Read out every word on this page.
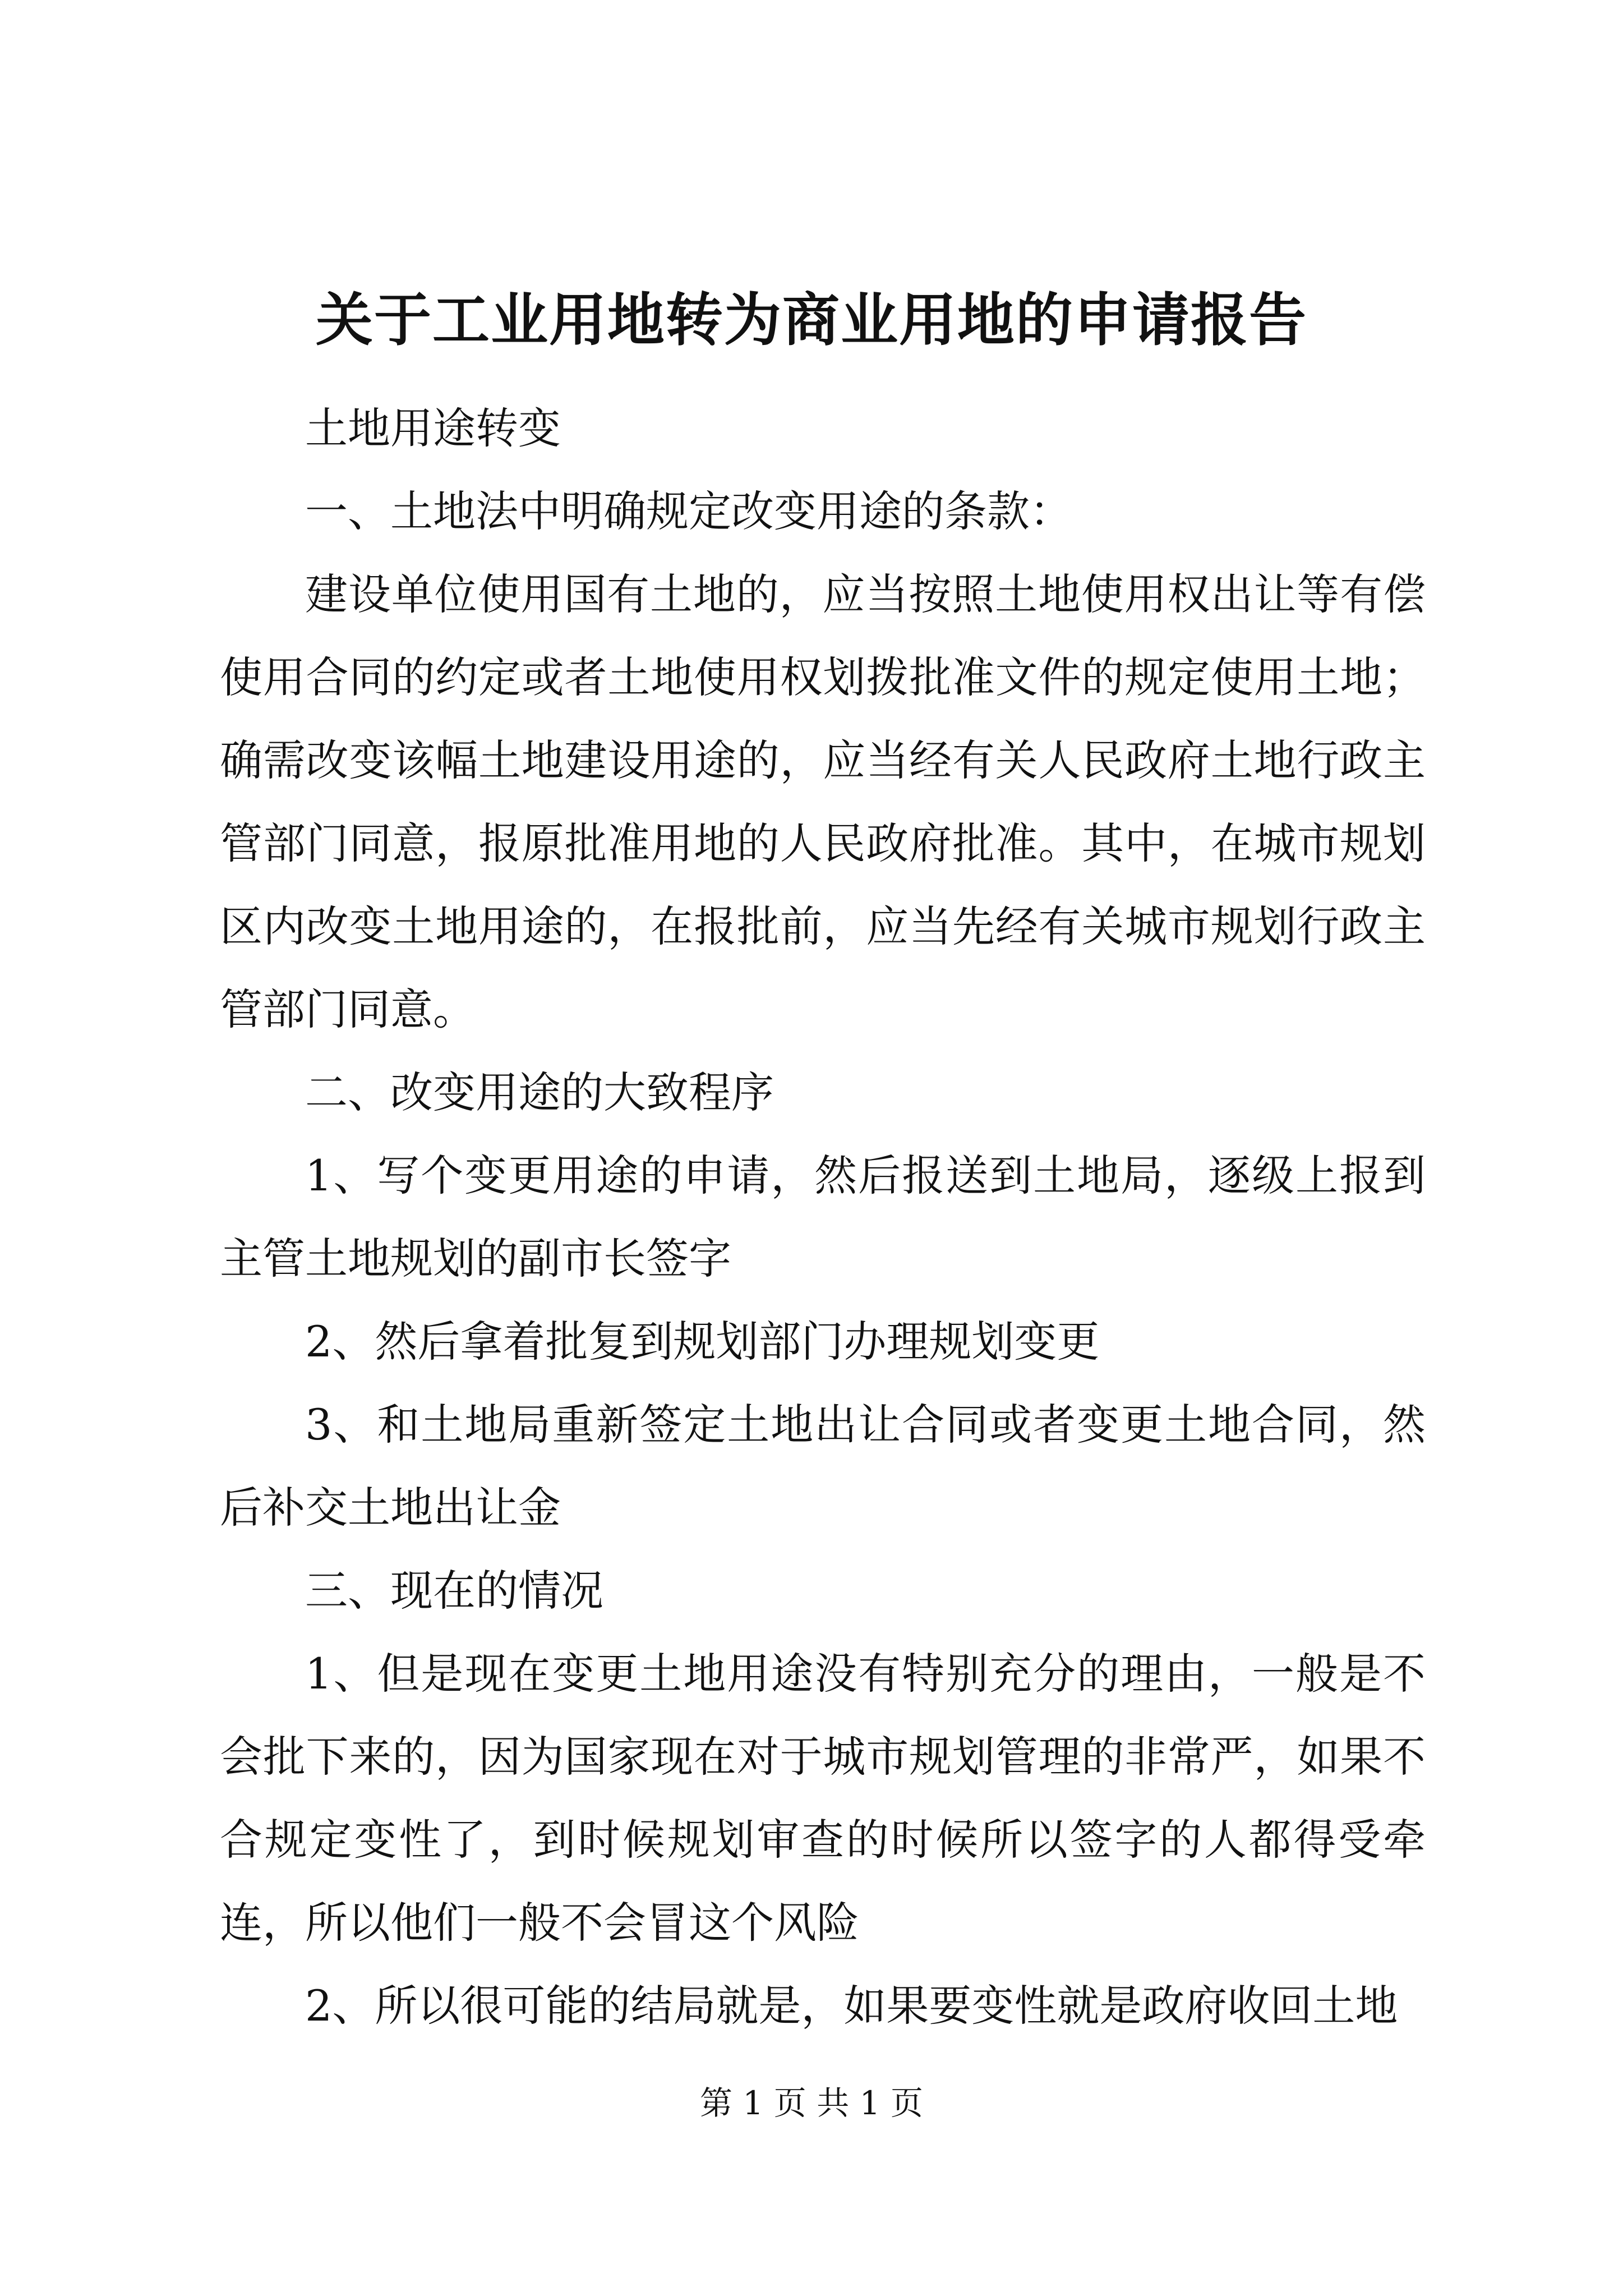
关于工业用地转为商业用地的申请报告

土地用途转变

一、土地法中明确规定改变用途的条款：

建设单位使用国有土地的，应当按照土地使用权出让等有偿使用合同的约定或者土地使用权划拨批准文件的规定使用土地；确需改变该幅土地建设用途的，应当经有关人民政府土地行政主管部门同意，报原批准用地的人民政府批准。其中，在城市规划区内改变土地用途的，在报批前，应当先经有关城市规划行政主管部门同意。

二、改变用途的大致程序

1、写个变更用途的申请，然后报送到土地局，逐级上报到主管土地规划的副市长签字

2、然后拿着批复到规划部门办理规划变更

3、和土地局重新签定土地出让合同或者变更土地合同，然后补交土地出让金

三、现在的情况

1、但是现在变更土地用途没有特别充分的理由，一般是不会批下来的，因为国家现在对于城市规划管理的非常严，如果不合规定变性了，到时候规划审查的时候所以签字的人都得受牵连，所以他们一般不会冒这个风险

2、所以很可能的结局就是，如果要变性就是政府收回土地

第 1 页 共 1 页
